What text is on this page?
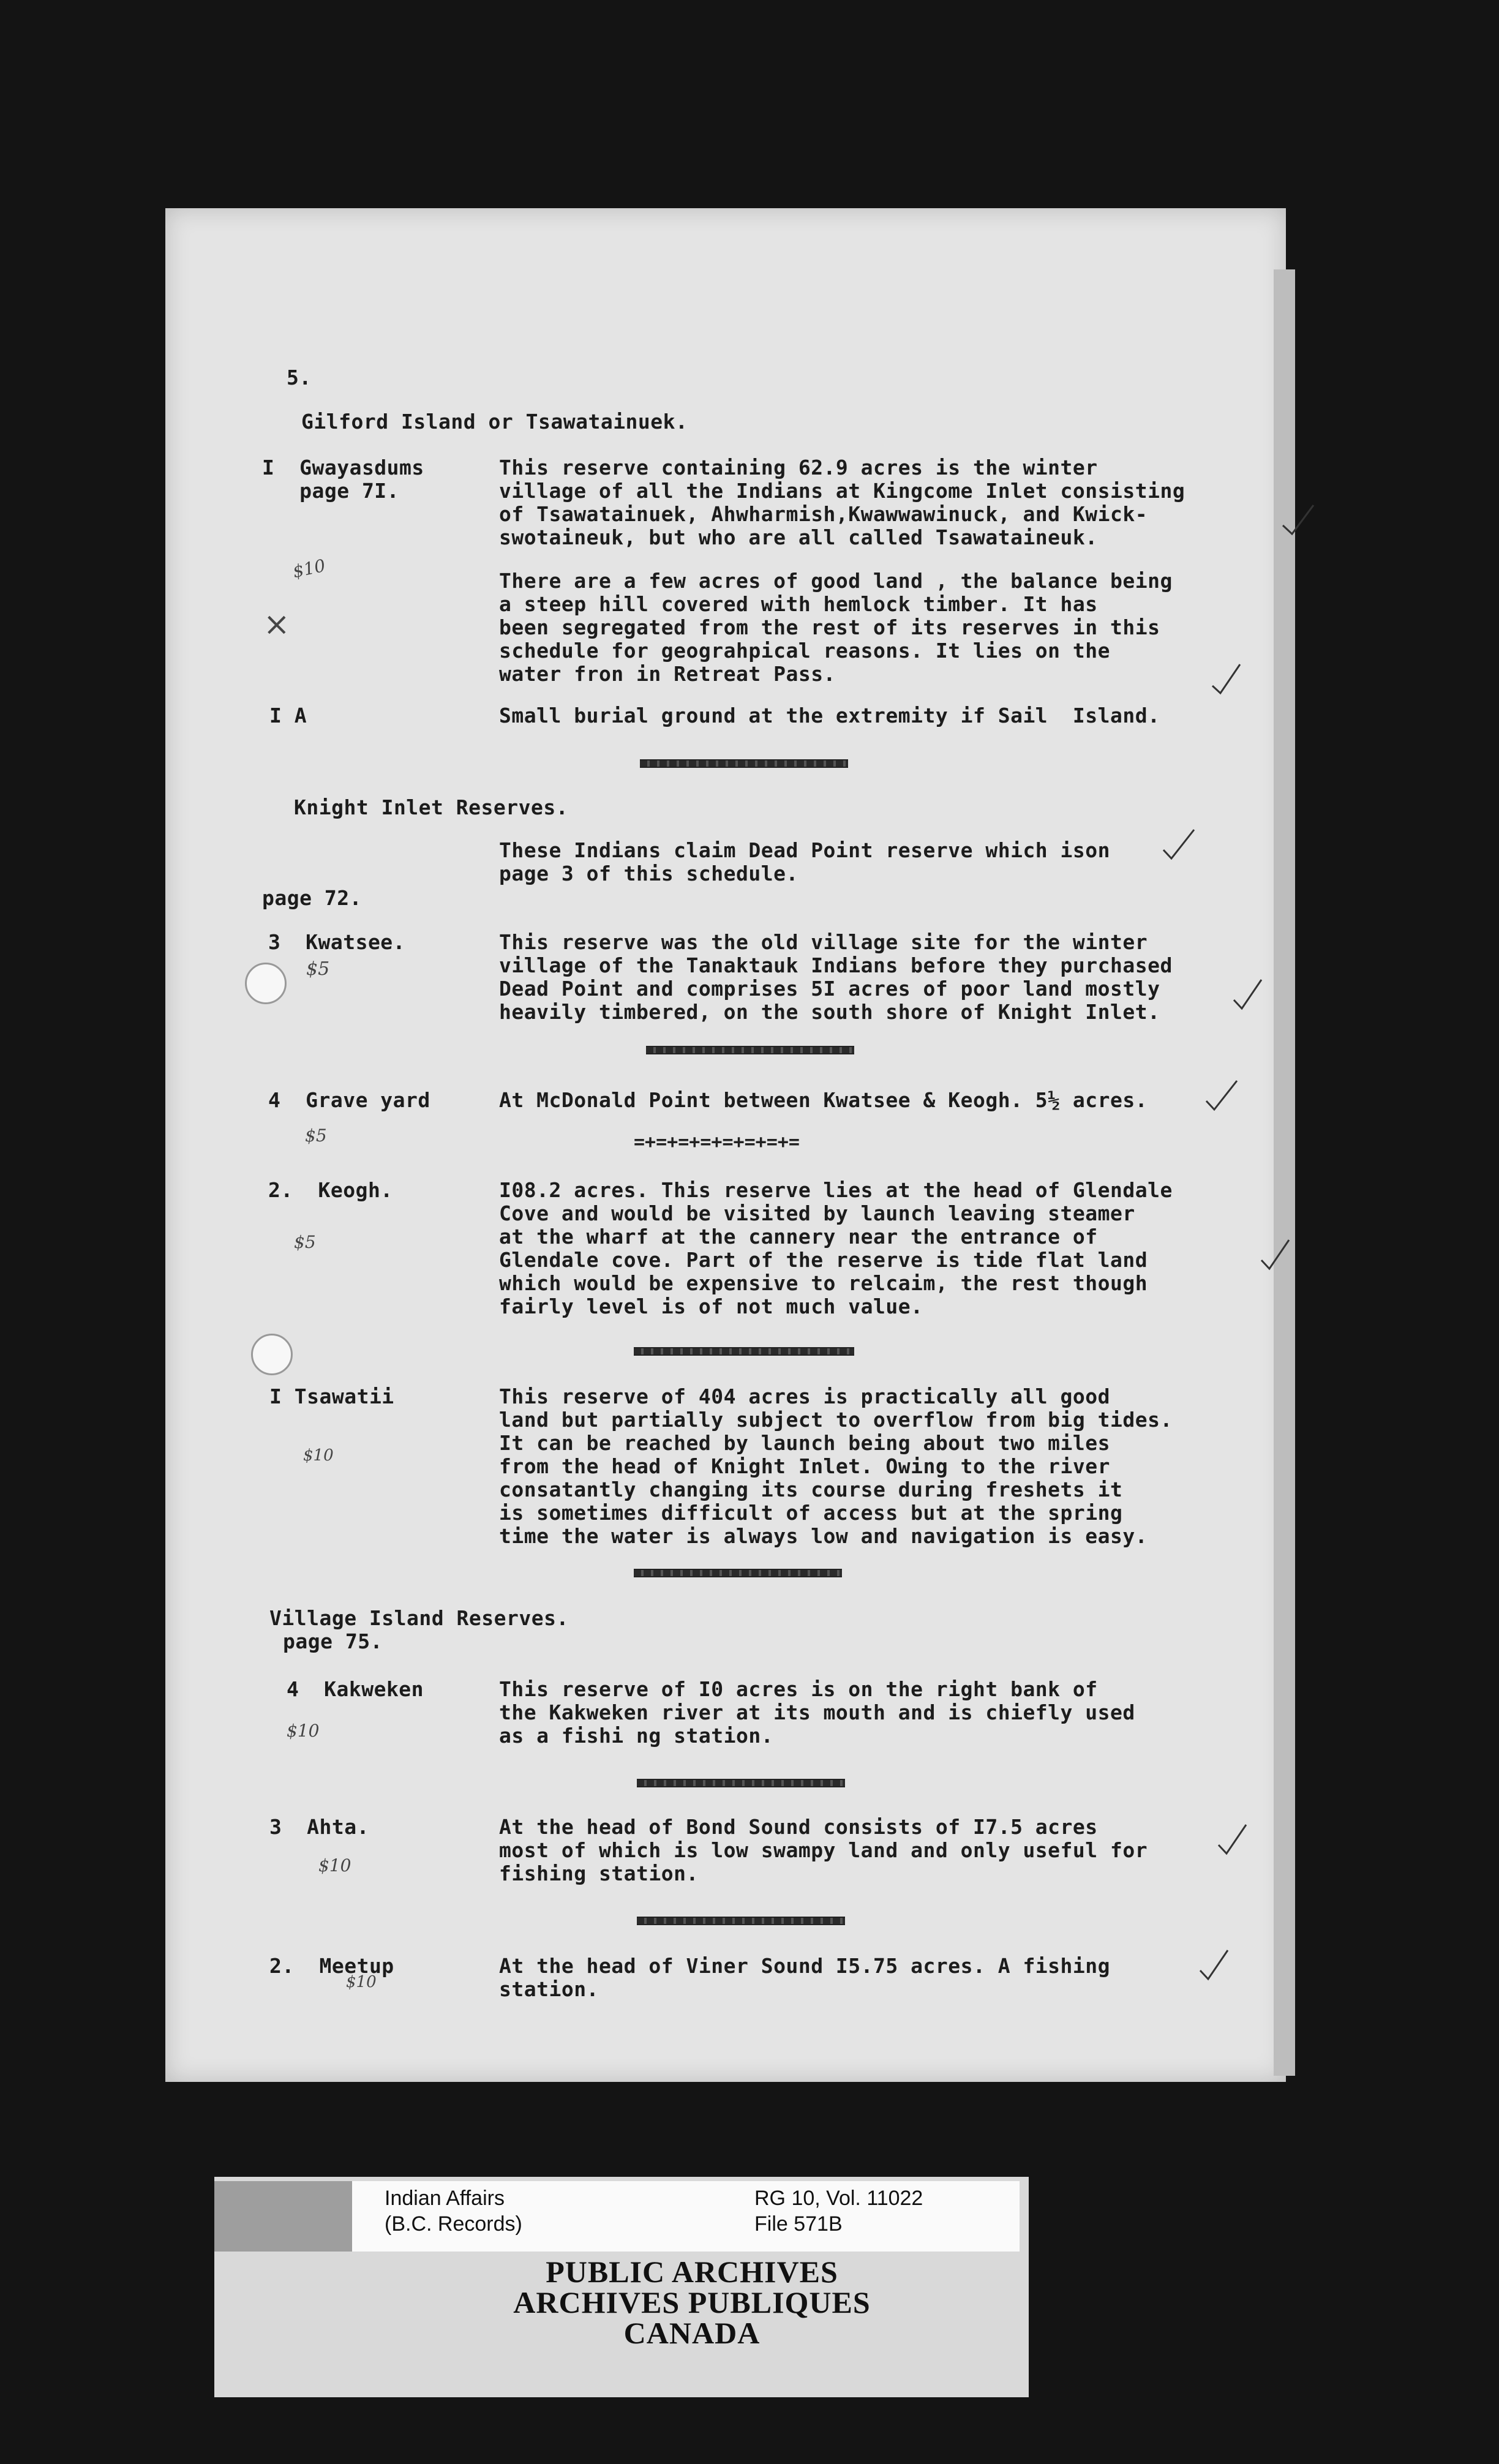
5.
Gilford Island or Tsawatainuek.
I  Gwayasdums
page 7I.
This reserve containing 62.9 acres is the winter
village of all the Indians at Kingcome Inlet consisting
of Tsawatainuek, Ahwharmish,Kwawwawinuck, and Kwick-
swotaineuk, but who are all called Tsawataineuk.
$10
×
There are a few acres of good land , the balance being
a steep hill covered with hemlock timber. It has
been segregated from the rest of its reserves in this
schedule for geograhpical reasons. It lies on the
water fron in Retreat Pass.
I A	Small burial ground at the extremity if Sail  Island.
Knight Inlet Reserves.
These Indians claim Dead Point reserve which ison
page 3 of this schedule.
page 72.
3  Kwatsee.
$5
This reserve was the old village site for the winter
village of the Tanaktauk Indians before they purchased
Dead Point and comprises 5I acres of poor land mostly
heavily timbered, on the south shore of Knight Inlet.
4  Grave yard
$5
At McDonald Point between Kwatsee & Keogh. 5½ acres.
=+=+=+=+=+=+=+=
2.  Keogh.
$5
I08.2 acres. This reserve lies at the head of Glendale
Cove and would be visited by launch leaving steamer
at the wharf at the cannery near the entrance of
Glendale cove. Part of the reserve is tide flat land
which would be expensive to relcaim, the rest though
fairly level is of not much value.
I Tsawatii
$10
This reserve of 404 acres is practically all good
land but partially subject to overflow from big tides.
It can be reached by launch being about two miles
from the head of Knight Inlet. Owing to the river
consatantly changing its course during freshets it
is sometimes difficult of access but at the spring
time the water is always low and navigation is easy.
Village Island Reserves.
page 75.
4  Kakweken
$10
This reserve of I0 acres is on the right bank of
the Kakweken river at its mouth and is chiefly used
as a fishi ng station.
3  Ahta.
$10
At the head of Bond Sound consists of I7.5 acres
most of which is low swampy land and only useful for
fishing station.
2.  Meetup
$10
At the head of Viner Sound I5.75 acres. A fishing
station.
Indian Affairs
(B.C. Records)
RG 10, Vol. 11022
File 571B
PUBLIC ARCHIVES
ARCHIVES PUBLIQUES
CANADA
